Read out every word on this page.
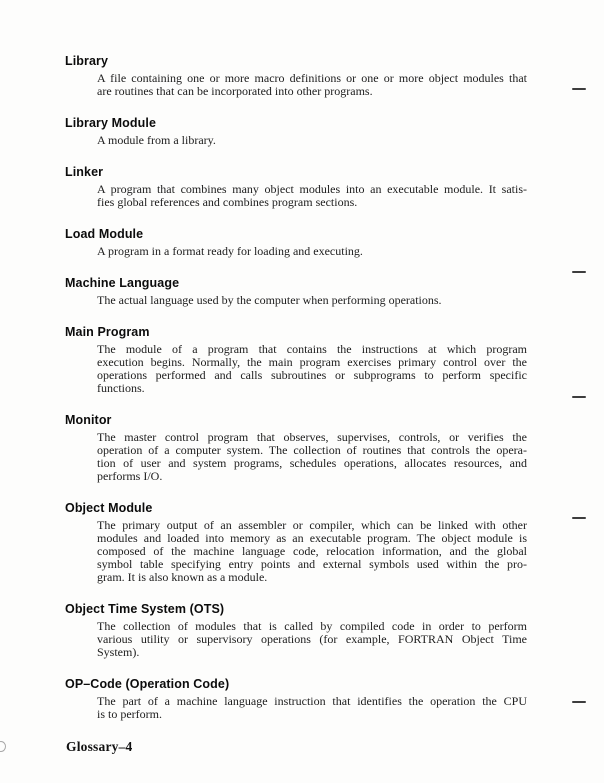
Library
A file containing one or more macro definitions or one or more object modules that
are routines that can be incorporated into other programs.
Library Module
A module from a library.
Linker
A program that combines many object modules into an executable module. It satis-
fies global references and combines program sections.
Load Module
A program in a format ready for loading and executing.
Machine Language
The actual language used by the computer when performing operations.
Main Program
The module of a program that contains the instructions at which program
execution begins. Normally, the main program exercises primary control over the
operations performed and calls subroutines or subprograms to perform specific
functions.
Monitor
The master control program that observes, supervises, controls, or verifies the
operation of a computer system. The collection of routines that controls the opera-
tion of user and system programs, schedules operations, allocates resources, and
performs I/O.
Object Module
The primary output of an assembler or compiler, which can be linked with other
modules and loaded into memory as an executable program. The object module is
composed of the machine language code, relocation information, and the global
symbol table specifying entry points and external symbols used within the pro-
gram. It is also known as a module.
Object Time System (OTS)
The collection of modules that is called by compiled code in order to perform
various utility or supervisory operations (for example, FORTRAN Object Time
System).
OP–Code (Operation Code)
The part of a machine language instruction that identifies the operation the CPU
is to perform.
Glossary–4
